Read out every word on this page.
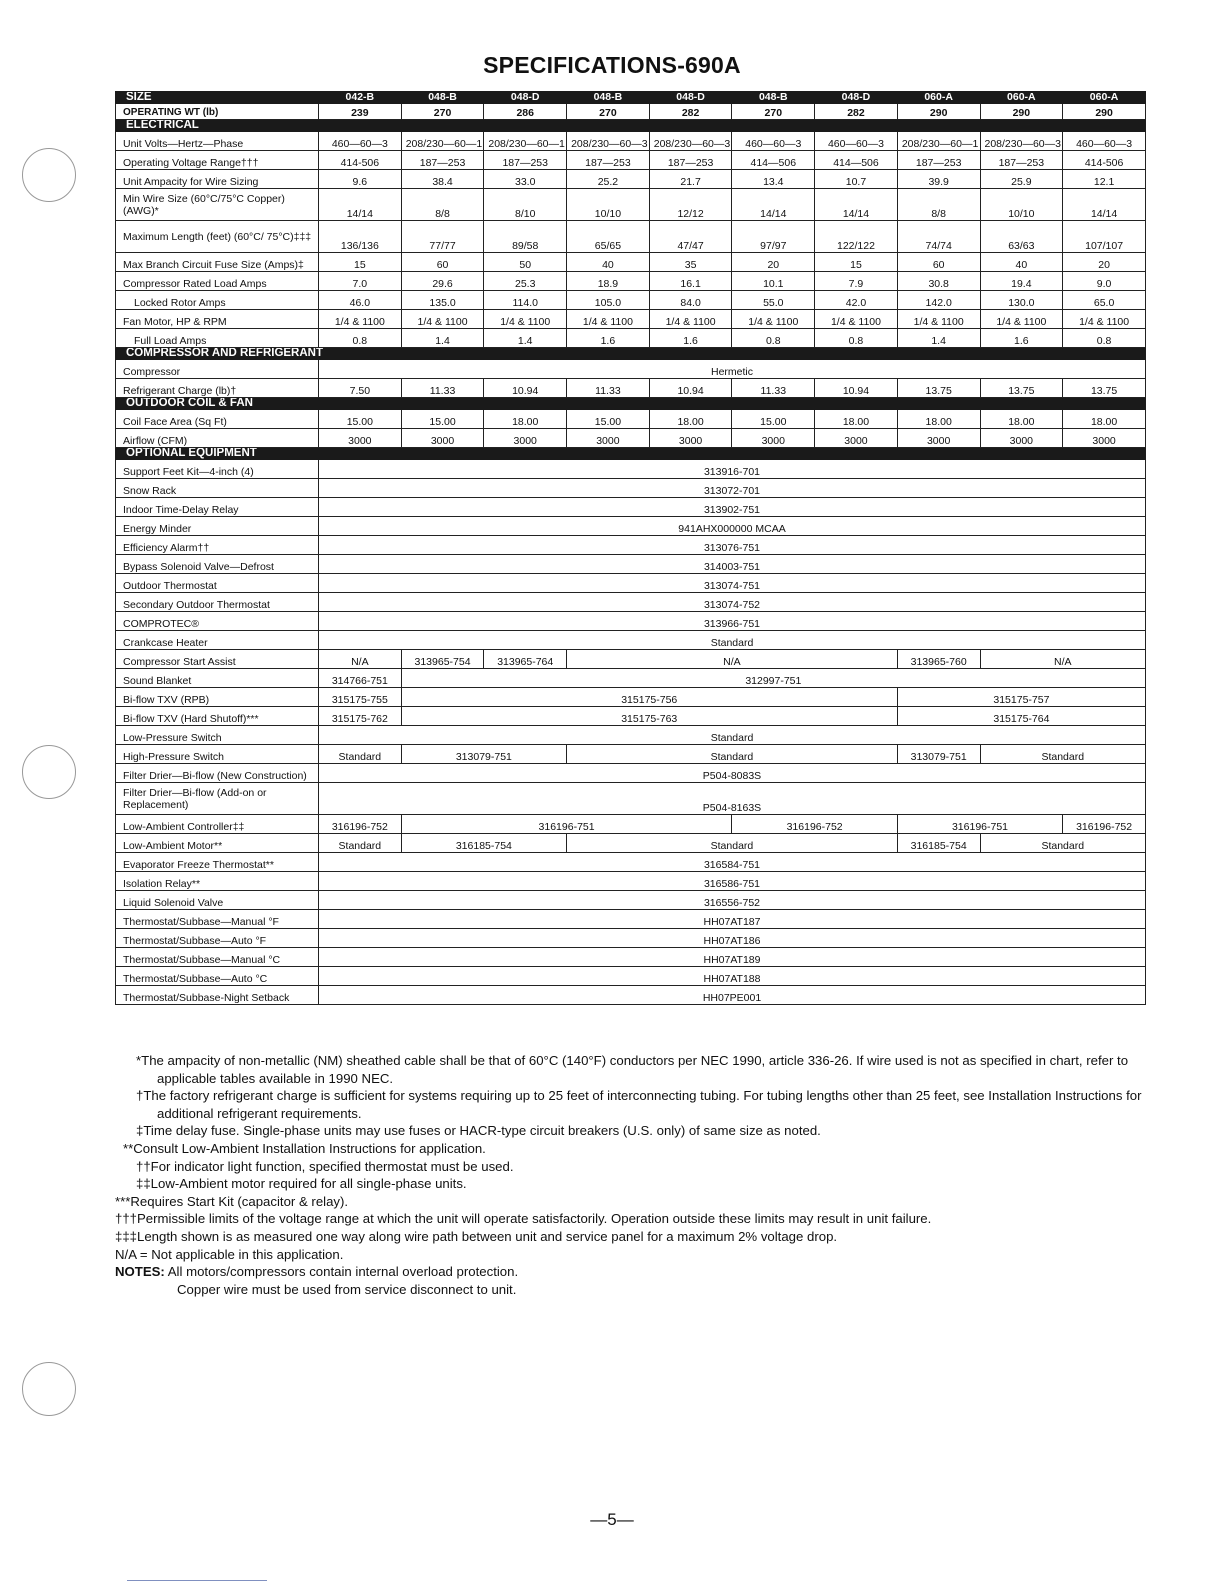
SPECIFICATIONS-690A
SIZE	042-B	048-B	048-D	048-B	048-D	048-B	048-D	060-A	060-A	060-A
OPERATING WT (lb)	239	270	286	270	282	270	282	290	290	290
ELECTRICAL										
Unit Volts—Hertz—Phase	460—60—3	208/230—60—1	208/230—60—1	208/230—60—3	208/230—60—3	460—60—3	460—60—3	208/230—60—1	208/230—60—3	460—60—3
Operating Voltage Range†††	414-506	187—253	187—253	187—253	187—253	414—506	414—506	187—253	187—253	414-506
Unit Ampacity for Wire Sizing	9.6	38.4	33.0	25.2	21.7	13.4	10.7	39.9	25.9	12.1
Min Wire Size (60°C/75°C Copper) (AWG)*	14/14	8/8	8/10	10/10	12/12	14/14	14/14	8/8	10/10	14/14
Maximum Length (feet) (60°C/ 75°C)‡‡‡	136/136	77/77	89/58	65/65	47/47	97/97	122/122	74/74	63/63	107/107
Max Branch Circuit Fuse Size (Amps)‡	15	60	50	40	35	20	15	60	40	20
Compressor Rated Load Amps	7.0	29.6	25.3	18.9	16.1	10.1	7.9	30.8	19.4	9.0
Locked Rotor Amps	46.0	135.0	114.0	105.0	84.0	55.0	42.0	142.0	130.0	65.0
Fan Motor, HP & RPM	1/4 & 1100	1/4 & 1100	1/4 & 1100	1/4 & 1100	1/4 & 1100	1/4 & 1100	1/4 & 1100	1/4 & 1100	1/4 & 1100	1/4 & 1100
Full Load Amps	0.8	1.4	1.4	1.6	1.6	0.8	0.8	1.4	1.6	0.8
COMPRESSOR AND REFRIGERANT										
Compressor	Hermetic									
Refrigerant Charge (lb)†	7.50	11.33	10.94	11.33	10.94	11.33	10.94	13.75	13.75	13.75
OUTDOOR COIL & FAN										
Coil Face Area (Sq Ft)	15.00	15.00	18.00	15.00	18.00	15.00	18.00	18.00	18.00	18.00
Airflow (CFM)	3000	3000	3000	3000	3000	3000	3000	3000	3000	3000
OPTIONAL EQUIPMENT										
Support Feet Kit—4-inch (4)	313916-701									
Snow Rack	313072-701									
Indoor Time-Delay Relay	313902-751									
Energy Minder	941AHX000000 MCAA									
Efficiency Alarm††	313076-751									
Bypass Solenoid Valve—Defrost	314003-751									
Outdoor Thermostat	313074-751									
Secondary Outdoor Thermostat	313074-752									
COMPROTEC®	313966-751									
Crankcase Heater	Standard									
Compressor Start Assist	N/A	313965-754	313965-764	N/A				313965-760	N/A	
Sound Blanket	314766-751	312997-751								
Bi-flow TXV (RPB)	315175-755	315175-756						315175-757		
Bi-flow TXV (Hard Shutoff)***	315175-762	315175-763						315175-764		
Low-Pressure Switch	Standard									
High-Pressure Switch	Standard	313079-751		Standard				313079-751	Standard	
Filter Drier—Bi-flow (New Construction)	P504-8083S									
Filter Drier—Bi-flow (Add-on or Replacement)	P504-8163S									
Low-Ambient Controller‡‡	316196-752	316196-751				316196-752		316196-751		316196-752
Low-Ambient Motor**	Standard	316185-754		Standard				316185-754	Standard	
Evaporator Freeze Thermostat**	316584-751									
Isolation Relay**	316586-751									
Liquid Solenoid Valve	316556-752									
Thermostat/Subbase—Manual °F	HH07AT187									
Thermostat/Subbase—Auto °F	HH07AT186									
Thermostat/Subbase—Manual °C	HH07AT189									
Thermostat/Subbase—Auto °C	HH07AT188									
Thermostat/Subbase-Night Setback	HH07PE001									
*The ampacity of non-metallic (NM) sheathed cable shall be that of 60°C (140°F) conductors per NEC 1990, article 336-26. If wire used is not as specified in chart, refer to applicable tables available in 1990 NEC.
†The factory refrigerant charge is sufficient for systems requiring up to 25 feet of interconnecting tubing. For tubing lengths other than 25 feet, see Installation Instructions for additional refrigerant requirements.
‡Time delay fuse. Single-phase units may use fuses or HACR-type circuit breakers (U.S. only) of same size as noted.
**Consult Low-Ambient Installation Instructions for application.
††For indicator light function, specified thermostat must be used.
‡‡Low-Ambient motor required for all single-phase units.
***Requires Start Kit (capacitor & relay).
†††Permissible limits of the voltage range at which the unit will operate satisfactorily. Operation outside these limits may result in unit failure.
‡‡‡Length shown is as measured one way along wire path between unit and service panel for a maximum 2% voltage drop.
N/A = Not applicable in this application.
NOTES: All motors/compressors contain internal overload protection.
Copper wire must be used from service disconnect to unit.
—5—
